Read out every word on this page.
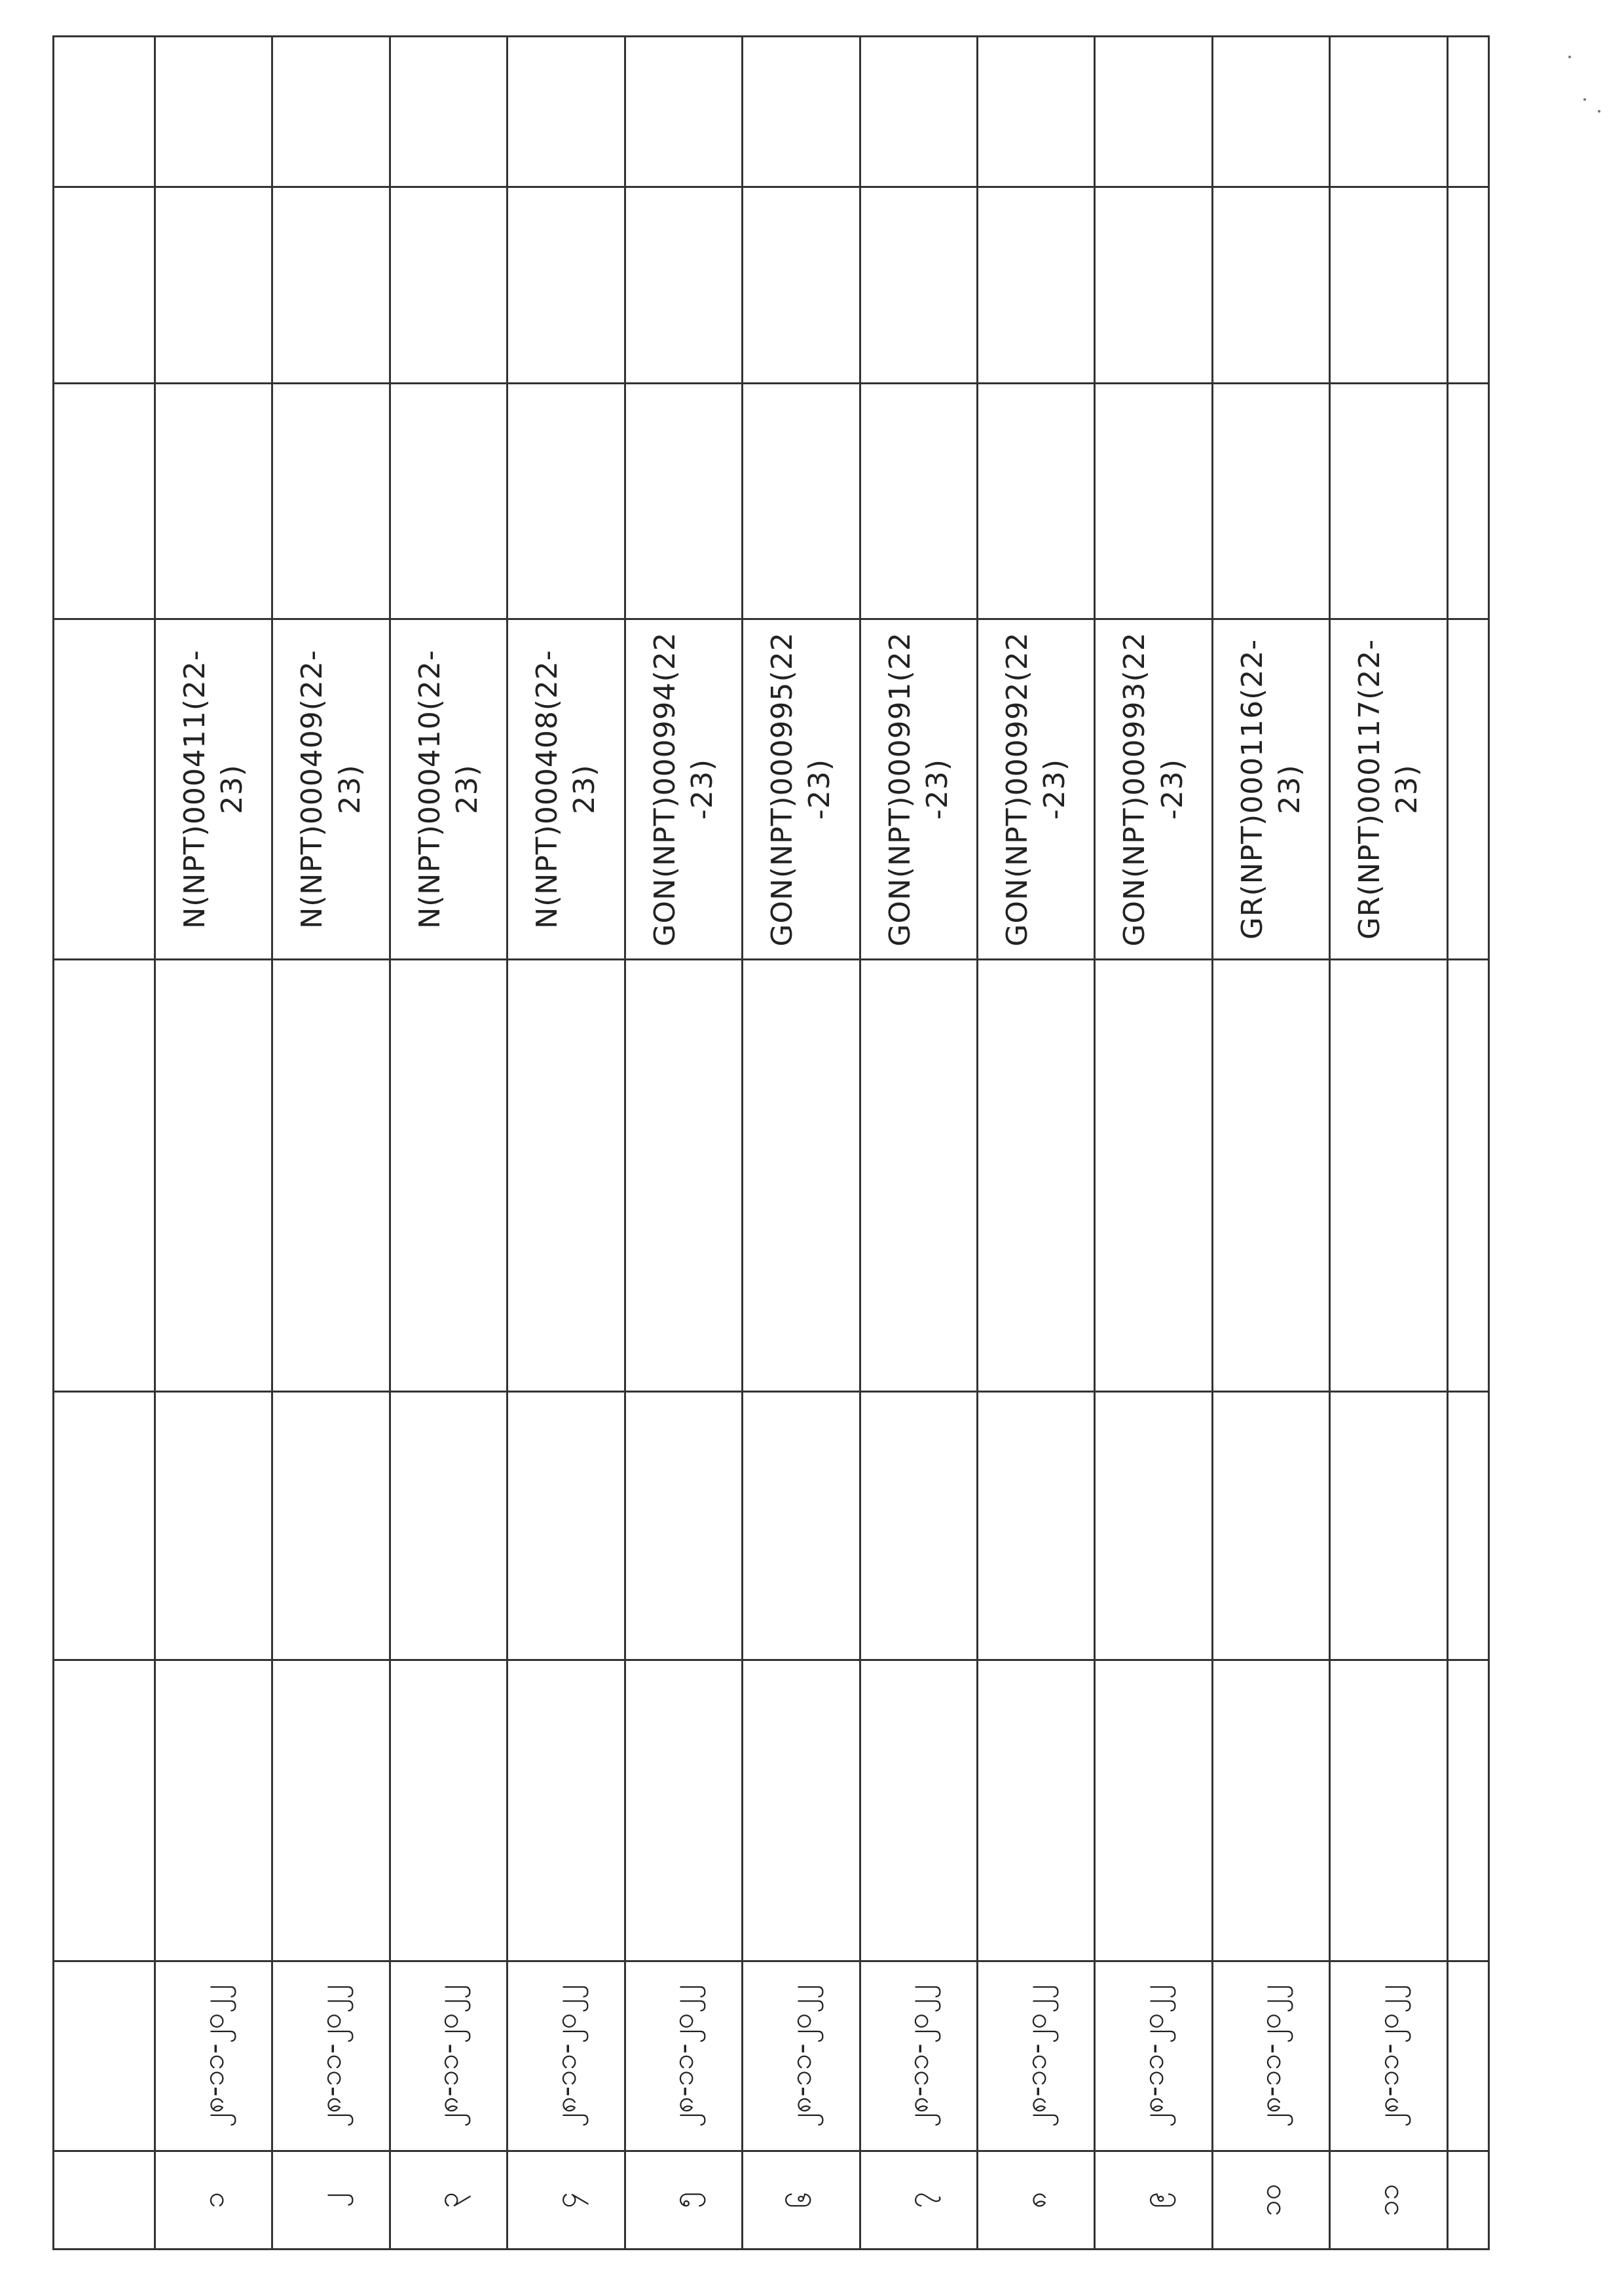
၁	၂၈-၁၁-၂၀၂၂				N(NPT)000411(22-23)			
၂	၂၈-၁၁-၂၀၂၂				N(NPT)000409(22-23)			
၃	၂၈-၁၁-၂၀၂၂				N(NPT)000410(22-23)			
၄	၂၈-၁၁-၂၀၂၂				N(NPT)000408(22-23)			
၅	၂၈-၁၁-၂၀၂၂				GON(NPT)000994(22-23)			
၆	၂၈-၁၁-၂၀၂၂				GON(NPT)000995(22-23)			
၇	၂၈-၁၁-၂၀၂၂				GON(NPT)000991(22-23)			
၈	၂၈-၁၁-၂၀၂၂				GON(NPT)000992(22-23)			
၉	၂၈-၁၁-၂၀၂၂				GON(NPT)000993(22-23)			
၁၀	၂၈-၁၁-၂၀၂၂				GR(NPT)000116(22-23)			
၁၁	၂၈-၁၁-၂၀၂၂				GR(NPT)000117(22-23)			
